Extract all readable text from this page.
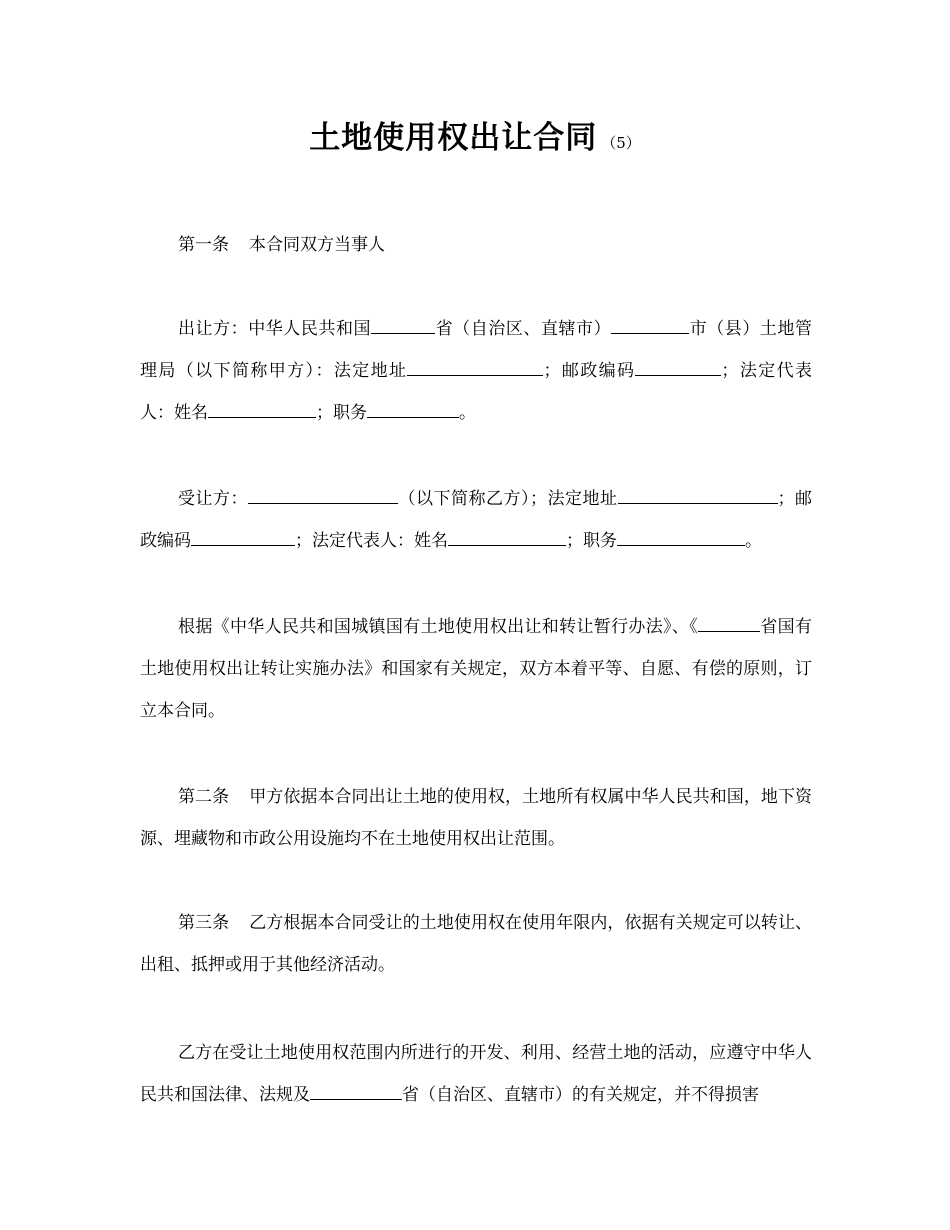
土地使用权出让合同 （5）

第一条 本合同双方当事人

出让方：中华人民共和国	省（自治区、直辖市）	市（县）土地管理局（以下简称甲方）：法定地址	；邮政编码	；法定代表人：姓名	；职务	。

受让方：	（以下简称乙方）；法定地址	；邮政编码	；法定代表人：姓名	；职务	。

根据《中华人民共和国城镇国有土地使用权出让和转让暂行办法》、《	省国有土地使用权出让转让实施办法》和国家有关规定，双方本着平等、自愿、有偿的原则，订立本合同。

第二条 甲方依据本合同出让土地的使用权，土地所有权属中华人民共和国，地下资源、埋藏物和市政公用设施均不在土地使用权出让范围。

第三条 乙方根据本合同受让的土地使用权在使用年限内，依据有关规定可以转让、出租、抵押或用于其他经济活动。

乙方在受让土地使用权范围内所进行的开发、利用、经营土地的活动，应遵守中华人民共和国法律、法规及	省（自治区、直辖市）的有关规定，并不得损害
